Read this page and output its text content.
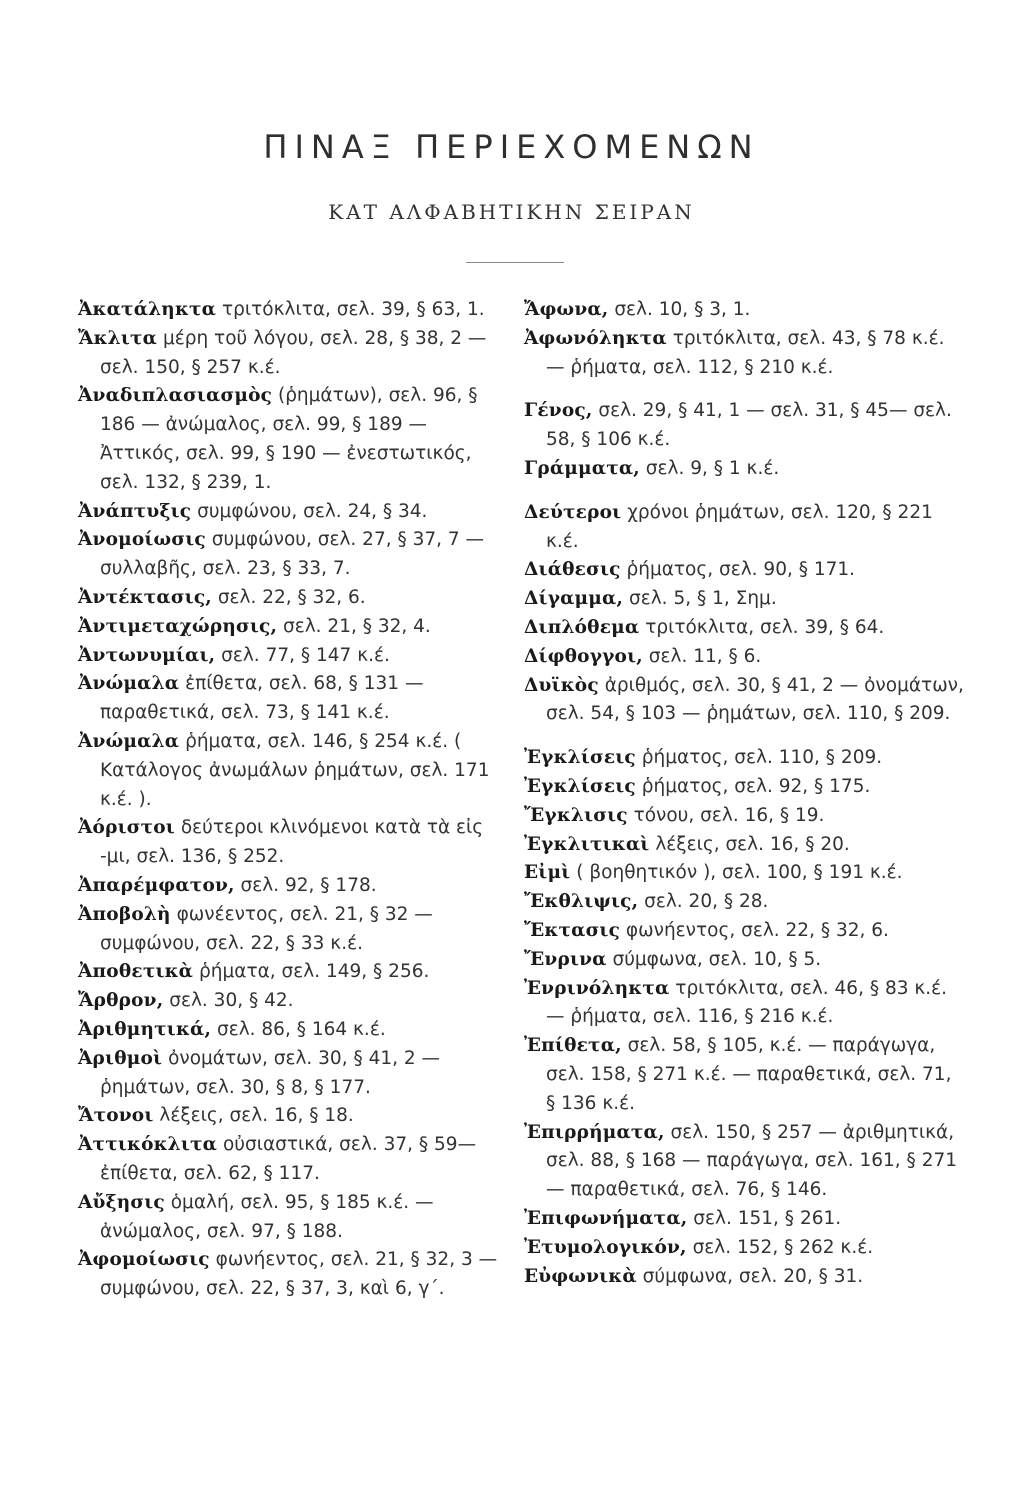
ΠΙΝΑΞ ΠΕΡΙΕΧΟΜΕΝΩΝ
ΚΑΤ ΑΛΦΑΒΗΤΙΚΗΝ ΣΕΙΡΑΝ

Ἀκατάληκτα τριτόκλιτα, σελ. 39, § 63, 1.

Ἄκλιτα μέρη τοῦ λόγου, σελ. 28, § 38, 2 — σελ. 150, § 257 κ.έ.

Ἀναδιπλασιασμὸς (ῥημάτων), σελ. 96, § 186 — ἀνώμαλος, σελ. 99, § 189 — Ἀττικός, σελ. 99, § 190 — ἐνεστωτικός, σελ. 132, § 239, 1.

Ἀνάπτυξις συμφώνου, σελ. 24, § 34.

Ἀνομοίωσις συμφώνου, σελ. 27, § 37, 7 — συλλαβῆς, σελ. 23, § 33, 7.

Ἀντέκτασις, σελ. 22, § 32, 6.

Ἀντιμεταχώρησις, σελ. 21, § 32, 4.

Ἀντωνυμίαι, σελ. 77, § 147 κ.έ.

Ἀνώμαλα ἐπίθετα, σελ. 68, § 131 — παραθετικά, σελ. 73, § 141 κ.έ.

Ἀνώμαλα ῥήματα, σελ. 146, § 254 κ.έ. ( Κατάλογος ἀνωμάλων ῥημάτων, σελ. 171 κ.έ. ).

Ἀόριστοι δεύτεροι κλινόμενοι κατὰ τὰ εἰς -μι, σελ. 136, § 252.

Ἀπαρέμφατον, σελ. 92, § 178.

Ἀποβολὴ φωνέεντος, σελ. 21, § 32 — συμφώνου, σελ. 22, § 33 κ.έ.

Ἀποθετικὰ ῥήματα, σελ. 149, § 256.

Ἄρθρον, σελ. 30, § 42.

Ἀριθμητικά, σελ. 86, § 164 κ.έ.

Ἀριθμοὶ ὀνομάτων, σελ. 30, § 41, 2 — ῥημάτων, σελ. 30, § 8, § 177.

Ἄτονοι λέξεις, σελ. 16, § 18.

Ἀττικόκλιτα οὐσιαστικά, σελ. 37, § 59— ἐπίθετα, σελ. 62, § 117.

Αὔξησις ὁμαλή, σελ. 95, § 185 κ.έ. — ἀνώμαλος, σελ. 97, § 188.

Ἀφομοίωσις φωνήεντος, σελ. 21, § 32, 3 — συμφώνου, σελ. 22, § 37, 3, καὶ 6, γ΄.

Ἄφωνα, σελ. 10, § 3, 1.

Ἀφωνόληκτα τριτόκλιτα, σελ. 43, § 78 κ.έ. — ῥήματα, σελ. 112, § 210 κ.έ.

Γένος, σελ. 29, § 41, 1 — σελ. 31, § 45— σελ. 58, § 106 κ.έ.

Γράμματα, σελ. 9, § 1 κ.έ.

Δεύτεροι χρόνοι ῥημάτων, σελ. 120, § 221 κ.έ.

Διάθεσις ῥήματος, σελ. 90, § 171.

Δίγαμμα, σελ. 5, § 1, Σημ.

Διπλόθεμα τριτόκλιτα, σελ. 39, § 64.

Δίφθογγοι, σελ. 11, § 6.

Δυϊκὸς ἀριθμός, σελ. 30, § 41, 2 — ὀνομάτων, σελ. 54, § 103 — ῥημάτων, σελ. 110, § 209.

Ἐγκλίσεις ῥήματος, σελ. 110, § 209.

Ἐγκλίσεις ῥήματος, σελ. 92, § 175.

Ἔγκλισις τόνου, σελ. 16, § 19.

Ἐγκλιτικαὶ λέξεις, σελ. 16, § 20.

Εἰμὶ ( βοηθητικόν ), σελ. 100, § 191 κ.έ.

Ἔκθλιψις, σελ. 20, § 28.

Ἔκτασις φωνήεντος, σελ. 22, § 32, 6.

Ἔνρινα σύμφωνα, σελ. 10, § 5.

Ἐνρινόληκτα τριτόκλιτα, σελ. 46, § 83 κ.έ. — ῥήματα, σελ. 116, § 216 κ.έ.

Ἐπίθετα, σελ. 58, § 105, κ.έ. — παράγωγα, σελ. 158, § 271 κ.έ. — παραθετικά, σελ. 71, § 136 κ.έ.

Ἐπιρρήματα, σελ. 150, § 257 — ἀριθμητικά, σελ. 88, § 168 — παράγωγα, σελ. 161, § 271 — παραθετικά, σελ. 76, § 146.

Ἐπιφωνήματα, σελ. 151, § 261.

Ἐτυμολογικόν, σελ. 152, § 262 κ.έ.

Εὐφωνικὰ σύμφωνα, σελ. 20, § 31.
